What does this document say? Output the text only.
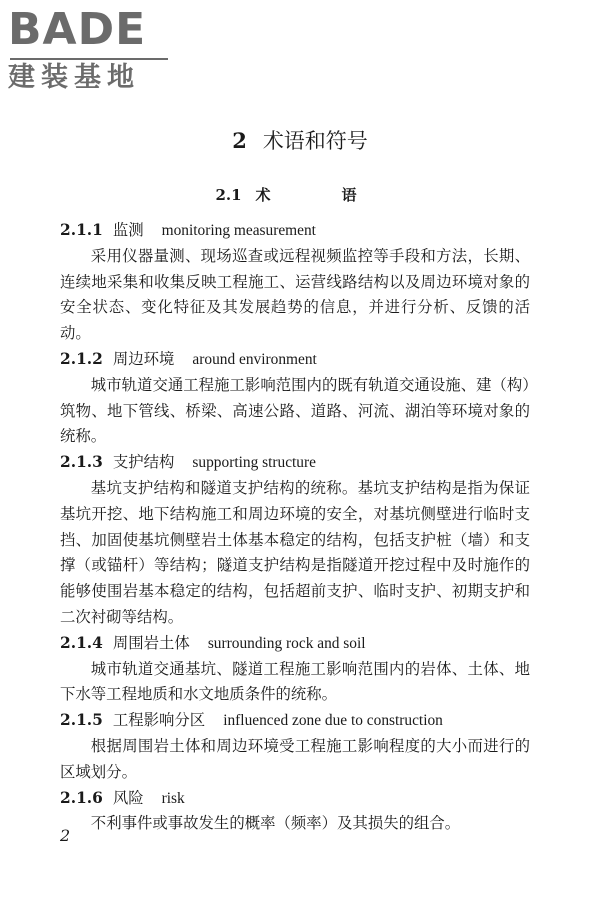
BADE
建装基地
2 术语和符号
2.1 术　语
2.1.1 监测 monitoring measurement

采用仪器量测、现场巡查或远程视频监控等手段和方法，长期、连续地采集和收集反映工程施工、运营线路结构以及周边环境对象的安全状态、变化特征及其发展趋势的信息，并进行分析、反馈的活动。

2.1.2 周边环境 around environment

城市轨道交通工程施工影响范围内的既有轨道交通设施、建（构）筑物、地下管线、桥梁、高速公路、道路、河流、湖泊等环境对象的统称。

2.1.3 支护结构 supporting structure

基坑支护结构和隧道支护结构的统称。基坑支护结构是指为保证基坑开挖、地下结构施工和周边环境的安全，对基坑侧壁进行临时支挡、加固使基坑侧壁岩土体基本稳定的结构，包括支护桩（墙）和支撑（或锚杆）等结构；隧道支护结构是指隧道开挖过程中及时施作的能够使围岩基本稳定的结构，包括超前支护、临时支护、初期支护和二次衬砌等结构。

2.1.4 周围岩土体 surrounding rock and soil

城市轨道交通基坑、隧道工程施工影响范围内的岩体、土体、地下水等工程地质和水文地质条件的统称。

2.1.5 工程影响分区 influenced zone due to construction

根据周围岩土体和周边环境受工程施工影响程度的大小而进行的区域划分。

2.1.6 风险 risk

不利事件或事故发生的概率（频率）及其损失的组合。

2
